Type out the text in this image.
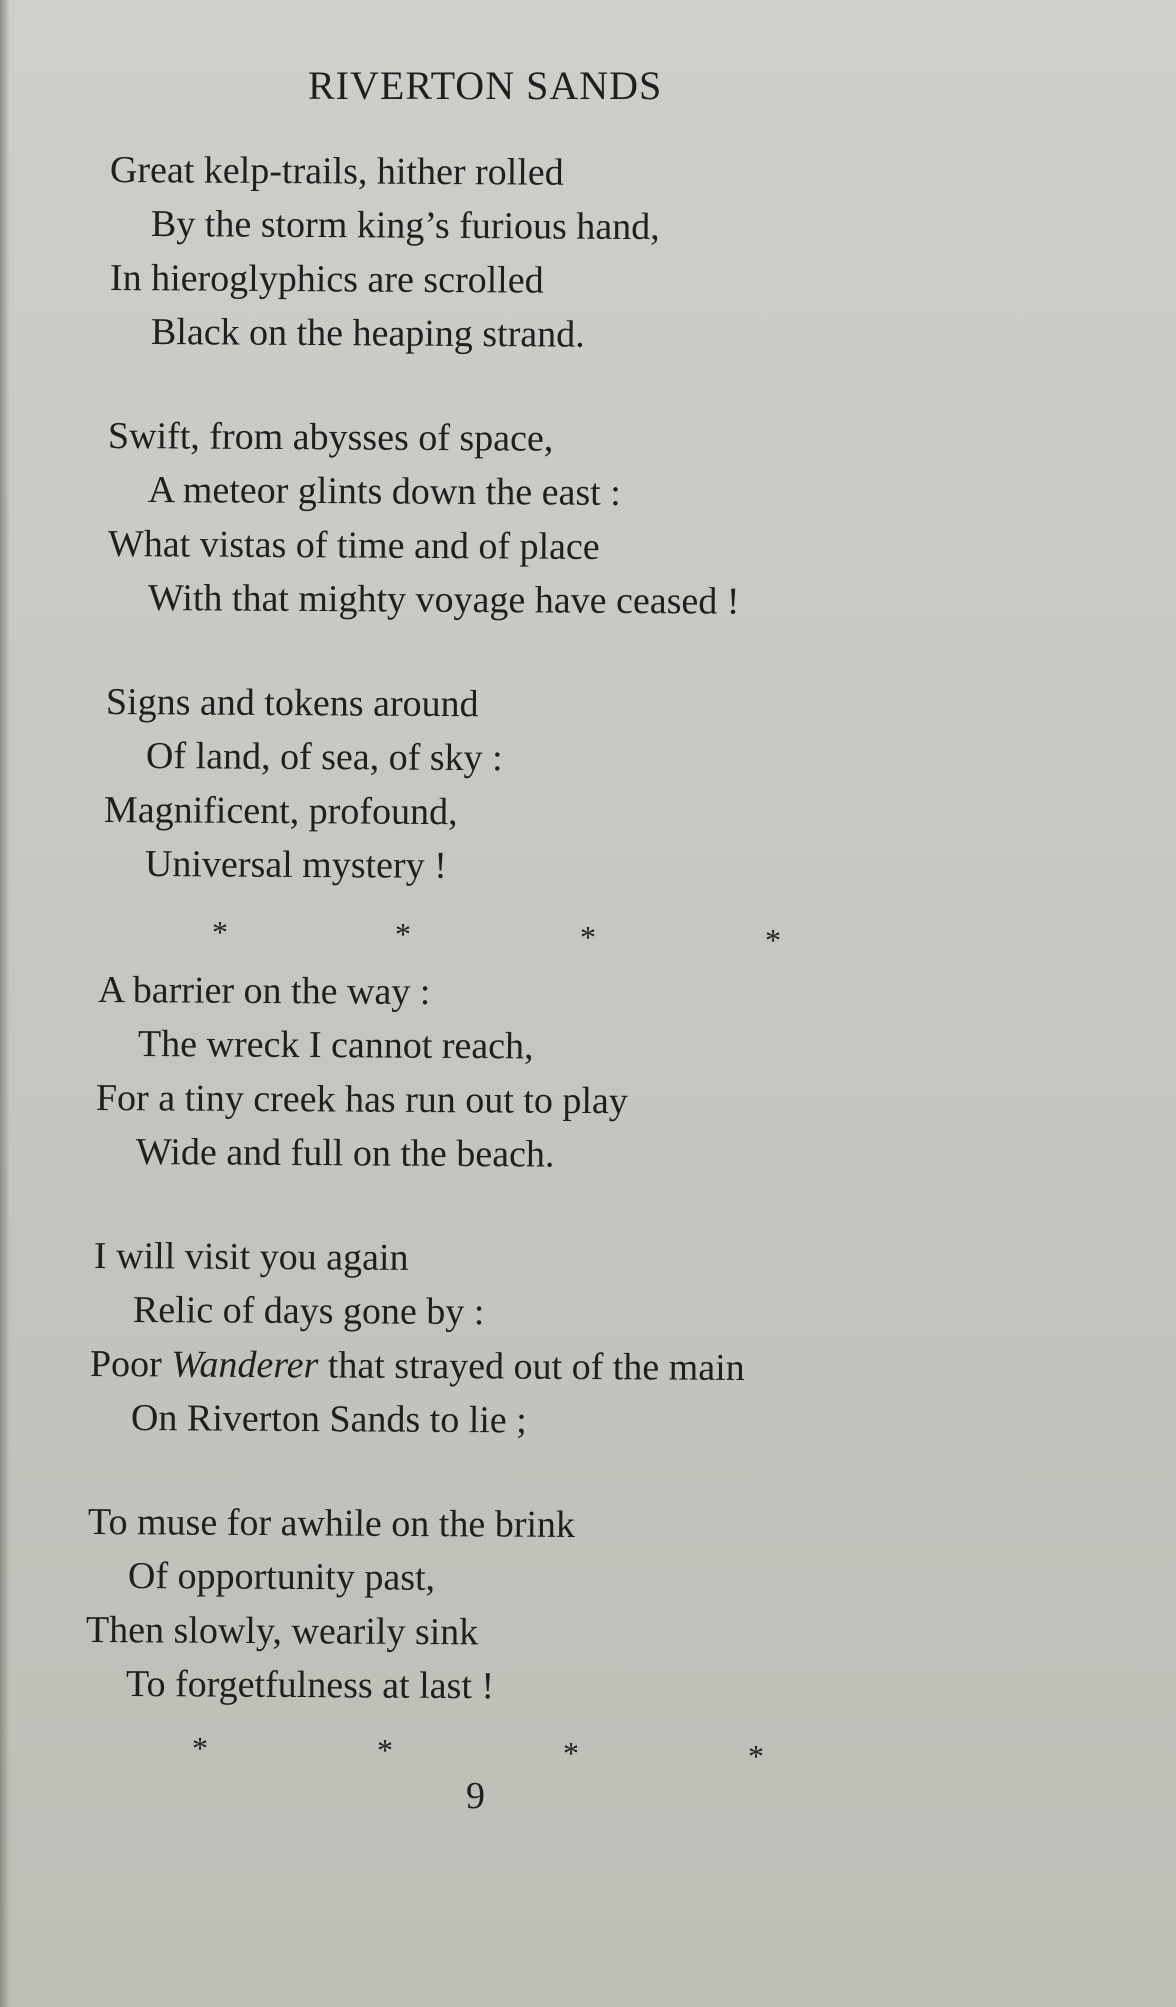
RIVERTON SANDS
Great kelp-trails, hither rolled
By the storm king’s furious hand,
In hieroglyphics are scrolled
Black on the heaping strand.
Swift, from abysses of space,
A meteor glints down the east :
What vistas of time and of place
With that mighty voyage have ceased !
Signs and tokens around
Of land, of sea, of sky :
Magnificent, profound,
Universal mystery !
*	*	*	*
A barrier on the way :
The wreck I cannot reach,
For a tiny creek has run out to play
Wide and full on the beach.
I will visit you again
Relic of days gone by :
Poor Wanderer that strayed out of the main
On Riverton Sands to lie ;
To muse for awhile on the brink
Of opportunity past,
Then slowly, wearily sink
To forgetfulness at last !
*	*	*	*
9
